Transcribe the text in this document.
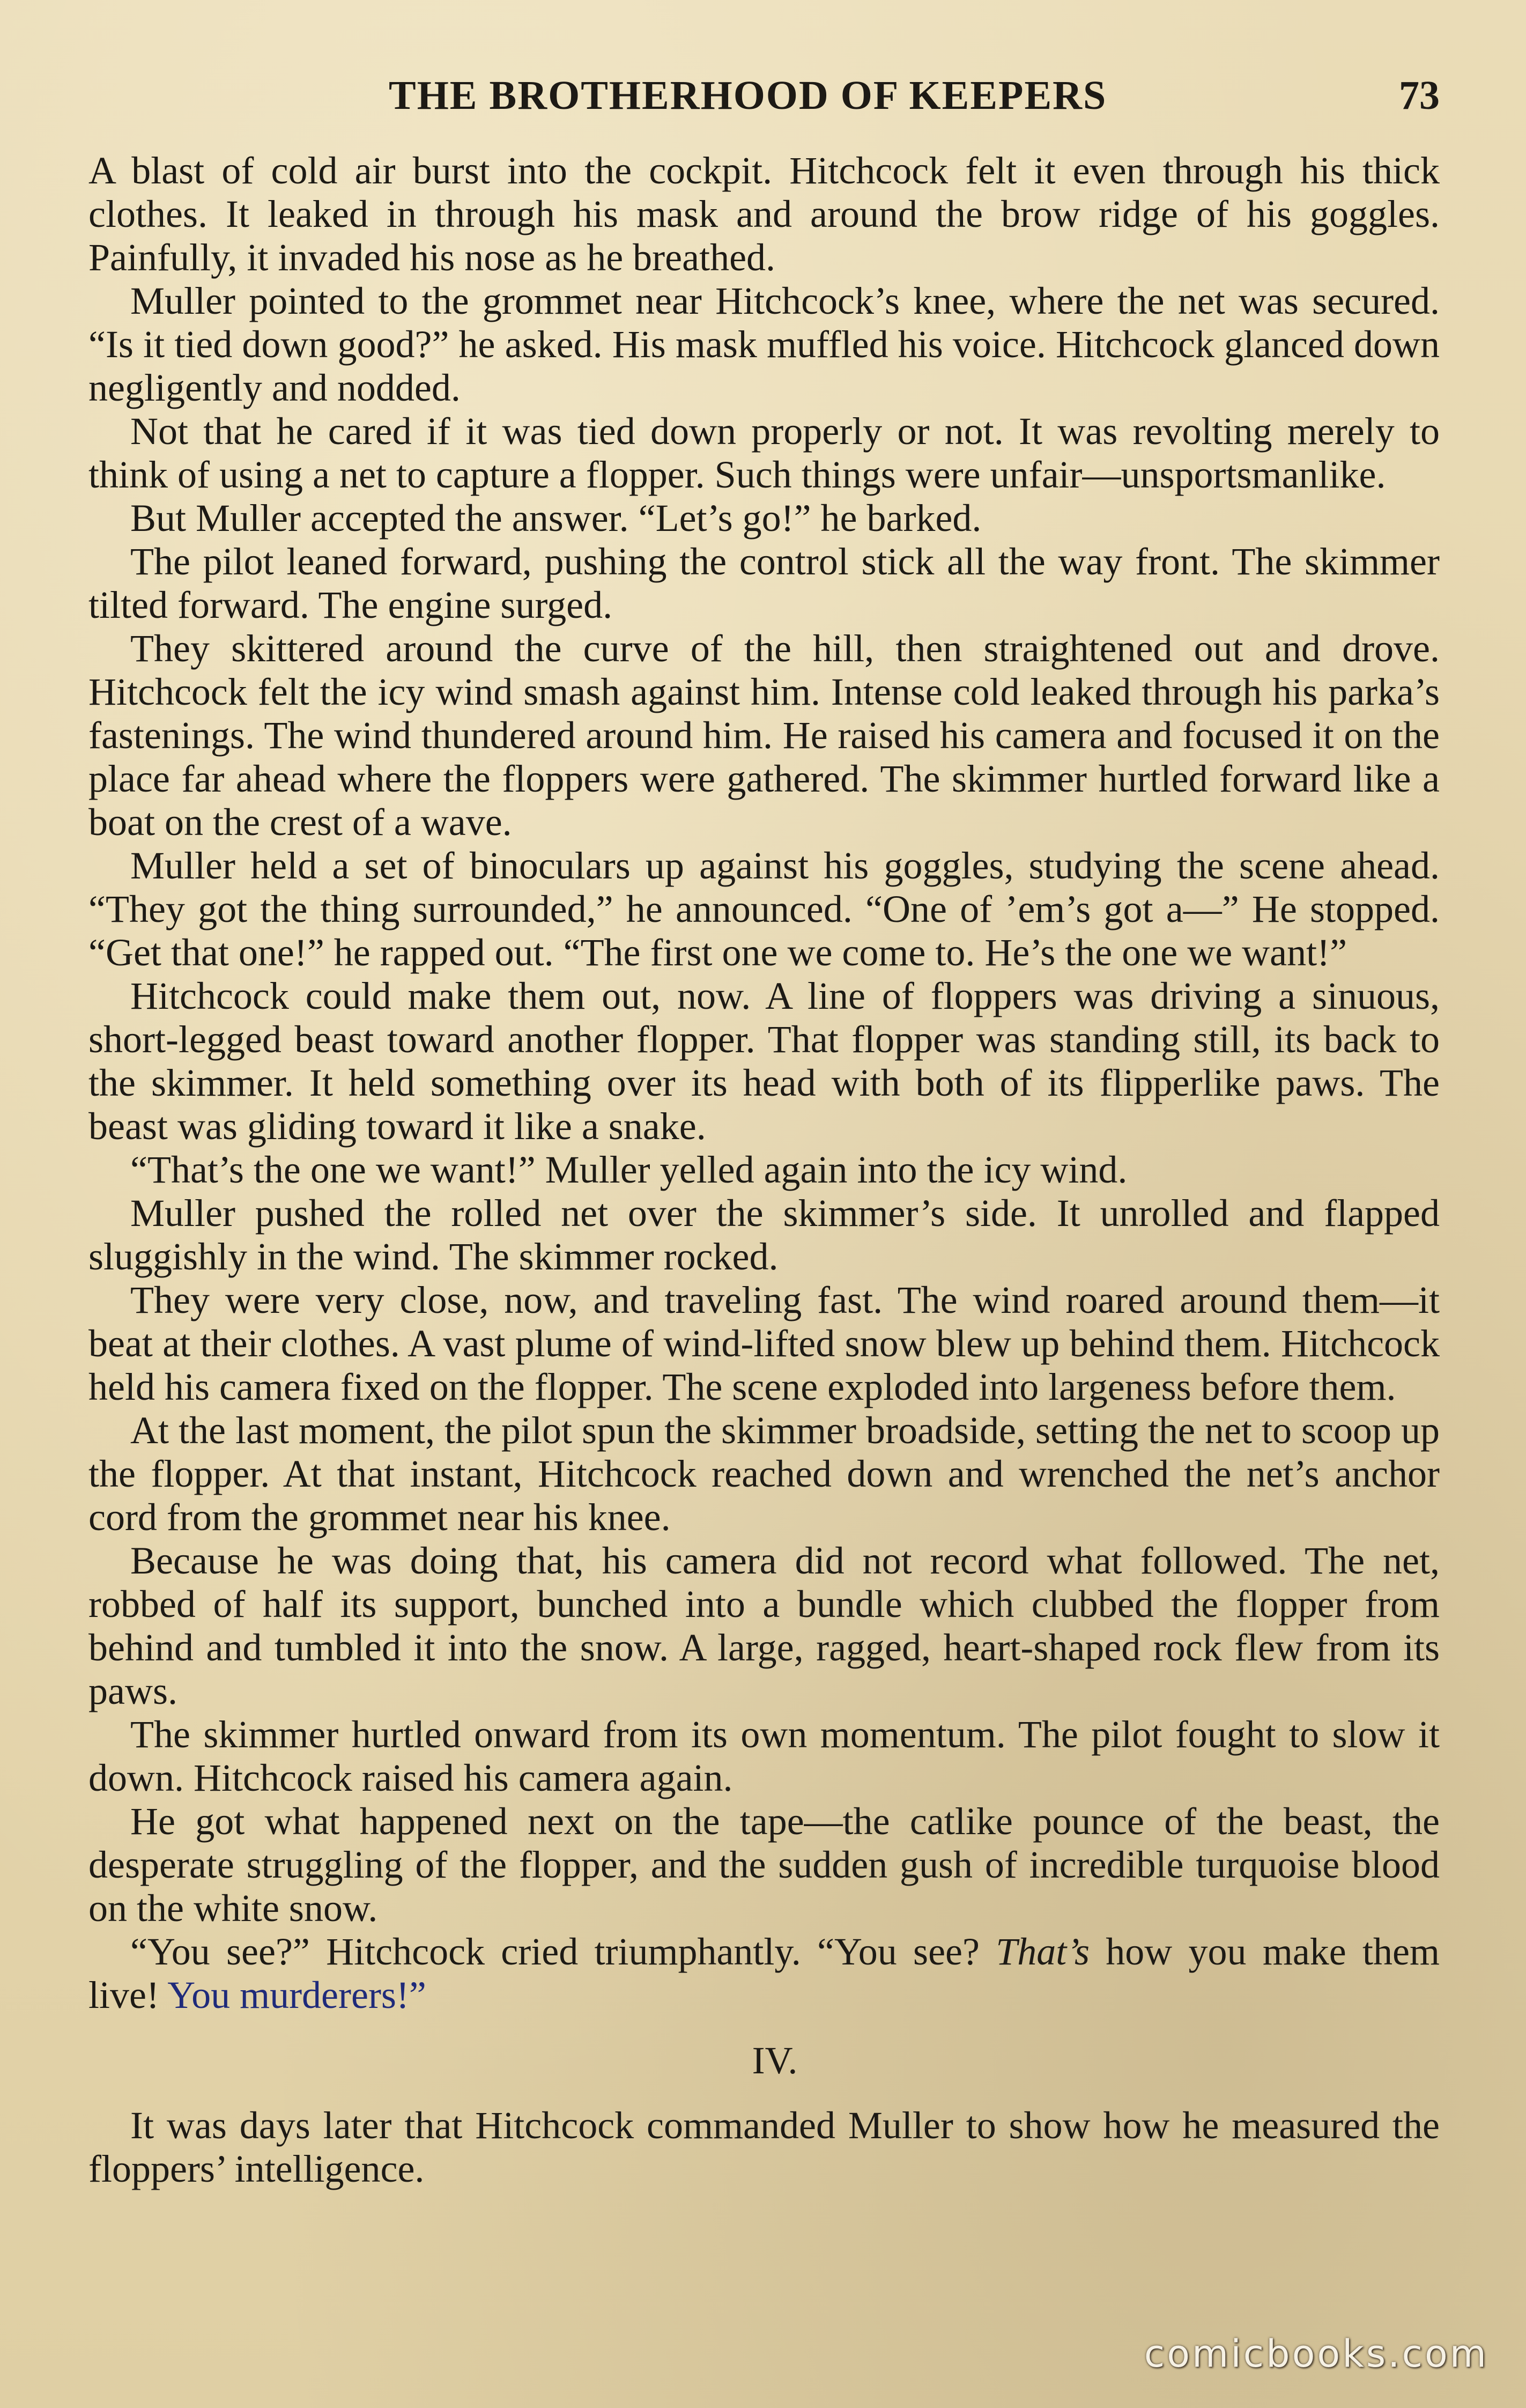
THE BROTHERHOOD OF KEEPERS	73

A blast of cold air burst into the cockpit. Hitchcock felt it even through his thick clothes. It leaked in through his mask and around the brow ridge of his goggles. Painfully, it invaded his nose as he breathed.

Muller pointed to the grommet near Hitchcock’s knee, where the net was secured. “Is it tied down good?” he asked. His mask muffled his voice. Hitchcock glanced down negligently and nodded.

Not that he cared if it was tied down properly or not. It was revolting merely to think of using a net to capture a flopper. Such things were unfair—unsportsmanlike.

But Muller accepted the answer. “Let’s go!” he barked.

The pilot leaned forward, pushing the control stick all the way front. The skimmer tilted forward. The engine surged.

They skittered around the curve of the hill, then straightened out and drove. Hitchcock felt the icy wind smash against him. Intense cold leaked through his parka’s fastenings. The wind thundered around him. He raised his camera and focused it on the place far ahead where the floppers were gathered. The skimmer hurtled forward like a boat on the crest of a wave.

Muller held a set of binoculars up against his goggles, studying the scene ahead. “They got the thing surrounded,” he announced. “One of ’em’s got a—” He stopped. “Get that one!” he rapped out. “The first one we come to. He’s the one we want!”

Hitchcock could make them out, now. A line of floppers was driving a sinuous, short-legged beast toward another flopper. That flopper was standing still, its back to the skimmer. It held something over its head with both of its flipperlike paws. The beast was gliding toward it like a snake.

“That’s the one we want!” Muller yelled again into the icy wind.

Muller pushed the rolled net over the skimmer’s side. It unrolled and flapped sluggishly in the wind. The skimmer rocked.

They were very close, now, and traveling fast. The wind roared around them—it beat at their clothes. A vast plume of wind-lifted snow blew up behind them. Hitchcock held his camera fixed on the flopper. The scene exploded into largeness before them.

At the last moment, the pilot spun the skimmer broadside, setting the net to scoop up the flopper. At that instant, Hitchcock reached down and wrenched the net’s anchor cord from the grommet near his knee.

Because he was doing that, his camera did not record what followed. The net, robbed of half its support, bunched into a bundle which clubbed the flopper from behind and tumbled it into the snow. A large, ragged, heart-shaped rock flew from its paws.

The skimmer hurtled onward from its own momentum. The pilot fought to slow it down. Hitchcock raised his camera again.

He got what happened next on the tape—the catlike pounce of the beast, the desperate struggling of the flopper, and the sudden gush of incredible turquoise blood on the white snow.

“You see?” Hitchcock cried triumphantly. “You see? That’s how you make them live! You murderers!”

IV.

It was days later that Hitchcock commanded Muller to show how he measured the floppers’ intelligence.

comicbooks.com
